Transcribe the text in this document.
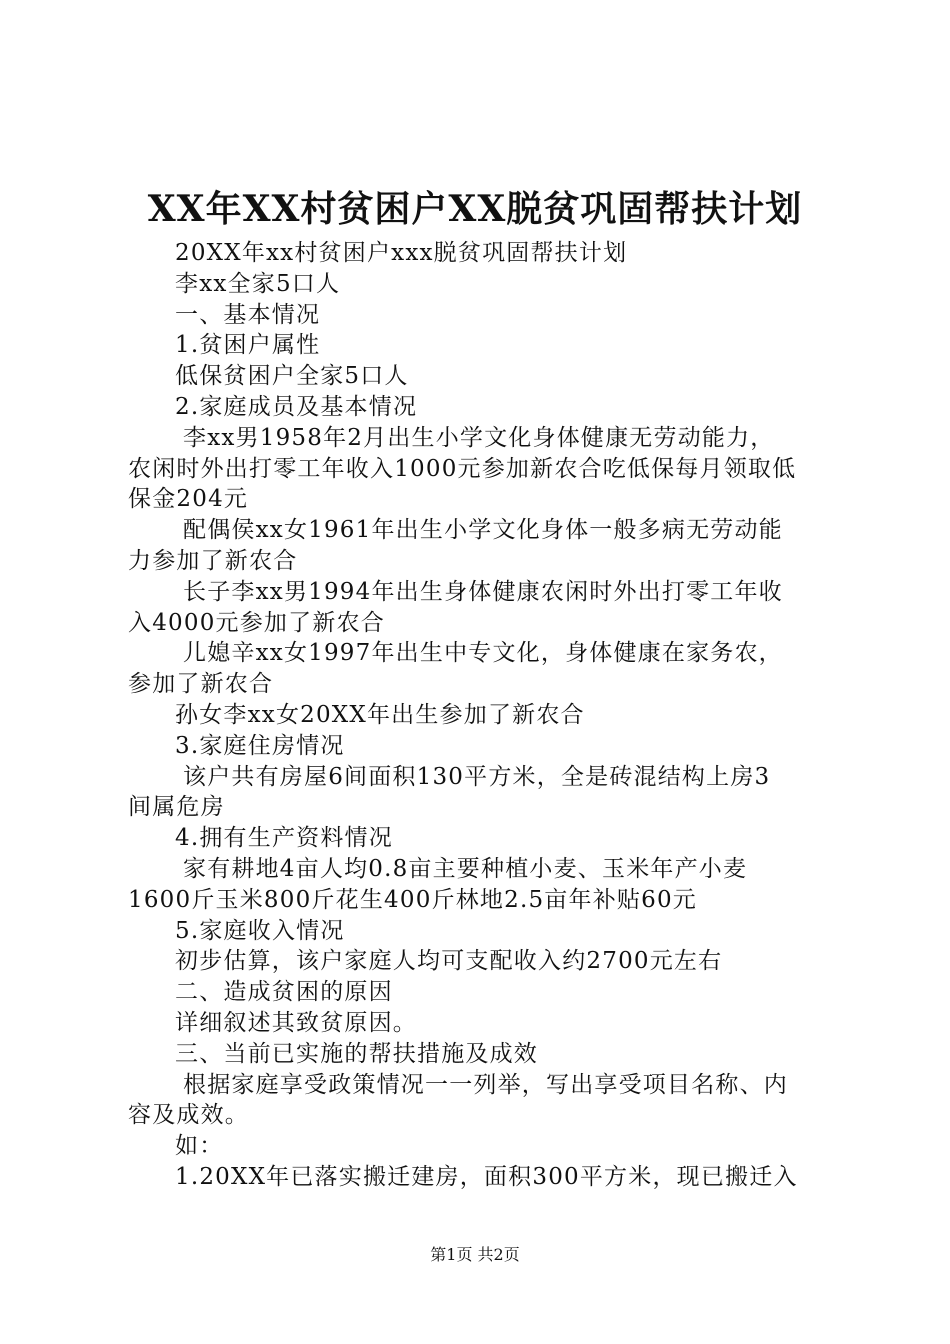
XX年XX村贫困户XX脱贫巩固帮扶计划
20XX年xx村贫困户xxx脱贫巩固帮扶计划
李xx全家5口人
一、基本情况
1.贫困户属性
低保贫困户全家5口人
2.家庭成员及基本情况
李xx男1958年2月出生小学文化身体健康无劳动能力，
农闲时外出打零工年收入1000元参加新农合吃低保每月领取低
保金204元
配偶侯xx女1961年出生小学文化身体一般多病无劳动能
力参加了新农合
长子李xx男1994年出生身体健康农闲时外出打零工年收
入4000元参加了新农合
儿媳辛xx女1997年出生中专文化，身体健康在家务农，
参加了新农合
孙女李xx女20XX年出生参加了新农合
3.家庭住房情况
该户共有房屋6间面积130平方米，全是砖混结构上房3
间属危房
4.拥有生产资料情况
家有耕地4亩人均0.8亩主要种植小麦、玉米年产小麦
1600斤玉米800斤花生400斤林地2.5亩年补贴60元
5.家庭收入情况
初步估算，该户家庭人均可支配收入约2700元左右
二、造成贫困的原因
详细叙述其致贫原因。
三、当前已实施的帮扶措施及成效
根据家庭享受政策情况一一列举，写出享受项目名称、内
容及成效。
如：
1.20XX年已落实搬迁建房，面积300平方米，现已搬迁入
第1页 共2页
